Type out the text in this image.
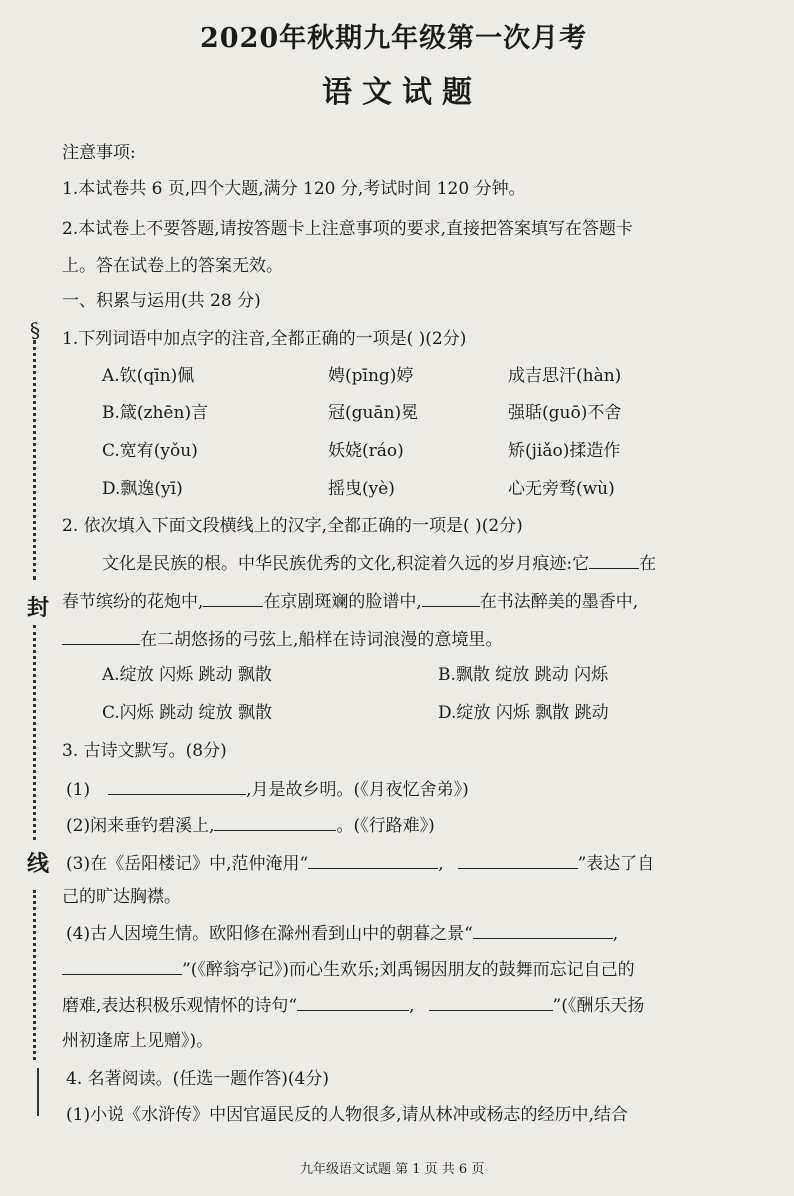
§
封
线
2020年秋期九年级第一次月考
语文试题
注意事项:
1.本试卷共 6 页,四个大题,满分 120 分,考试时间 120 分钟。
2.本试卷上不要答题,请按答题卡上注意事项的要求,直接把答案填写在答题卡
上。答在试卷上的答案无效。
一、积累与运用(共 28 分)
1.下列词语中加点字的注音,全都正确的一项是( )(2分)
A.钦(qīn)佩	娉(pīng)婷	成吉思汗(hàn)
B.箴(zhēn)言	冠(guān)冕	强聒(guō)不舍
C.宽宥(yǒu)	妖娆(ráo)	矫(jiǎo)揉造作
D.飘逸(yī)	摇曳(yè)	心无旁骛(wù)
2. 依次填入下面文段横线上的汉字,全都正确的一项是( )(2分)
文化是民族的根。中华民族优秀的文化,积淀着久远的岁月痕迹:它	在
春节缤纷的花炮中,	在京剧斑斓的脸谱中,	在书法醉美的墨香中,
在二胡悠扬的弓弦上,船样在诗词浪漫的意境里。
A.绽放 闪烁 跳动 飘散	B.飘散 绽放 跳动 闪烁
C.闪烁 跳动 绽放 飘散	D.绽放 闪烁 飘散 跳动
3. 古诗文默写。(8分)
(1)	,月是故乡明。(《月夜忆舍弟》)
(2)闲来垂钓碧溪上,	。(《行路难》)
(3)在《岳阳楼记》中,范仲淹用“	,	”表达了自
己的旷达胸襟。
(4)古人因境生情。欧阳修在滁州看到山中的朝暮之景“	,
”(《醉翁亭记》)而心生欢乐;刘禹锡因朋友的鼓舞而忘记自己的
磨难,表达积极乐观情怀的诗句“	,	”(《酬乐天扬
州初逢席上见赠》)。
4. 名著阅读。(任选一题作答)(4分)
(1)小说《水浒传》中因官逼民反的人物很多,请从林冲或杨志的经历中,结合
九年级语文试题 第 1 页 共 6 页
